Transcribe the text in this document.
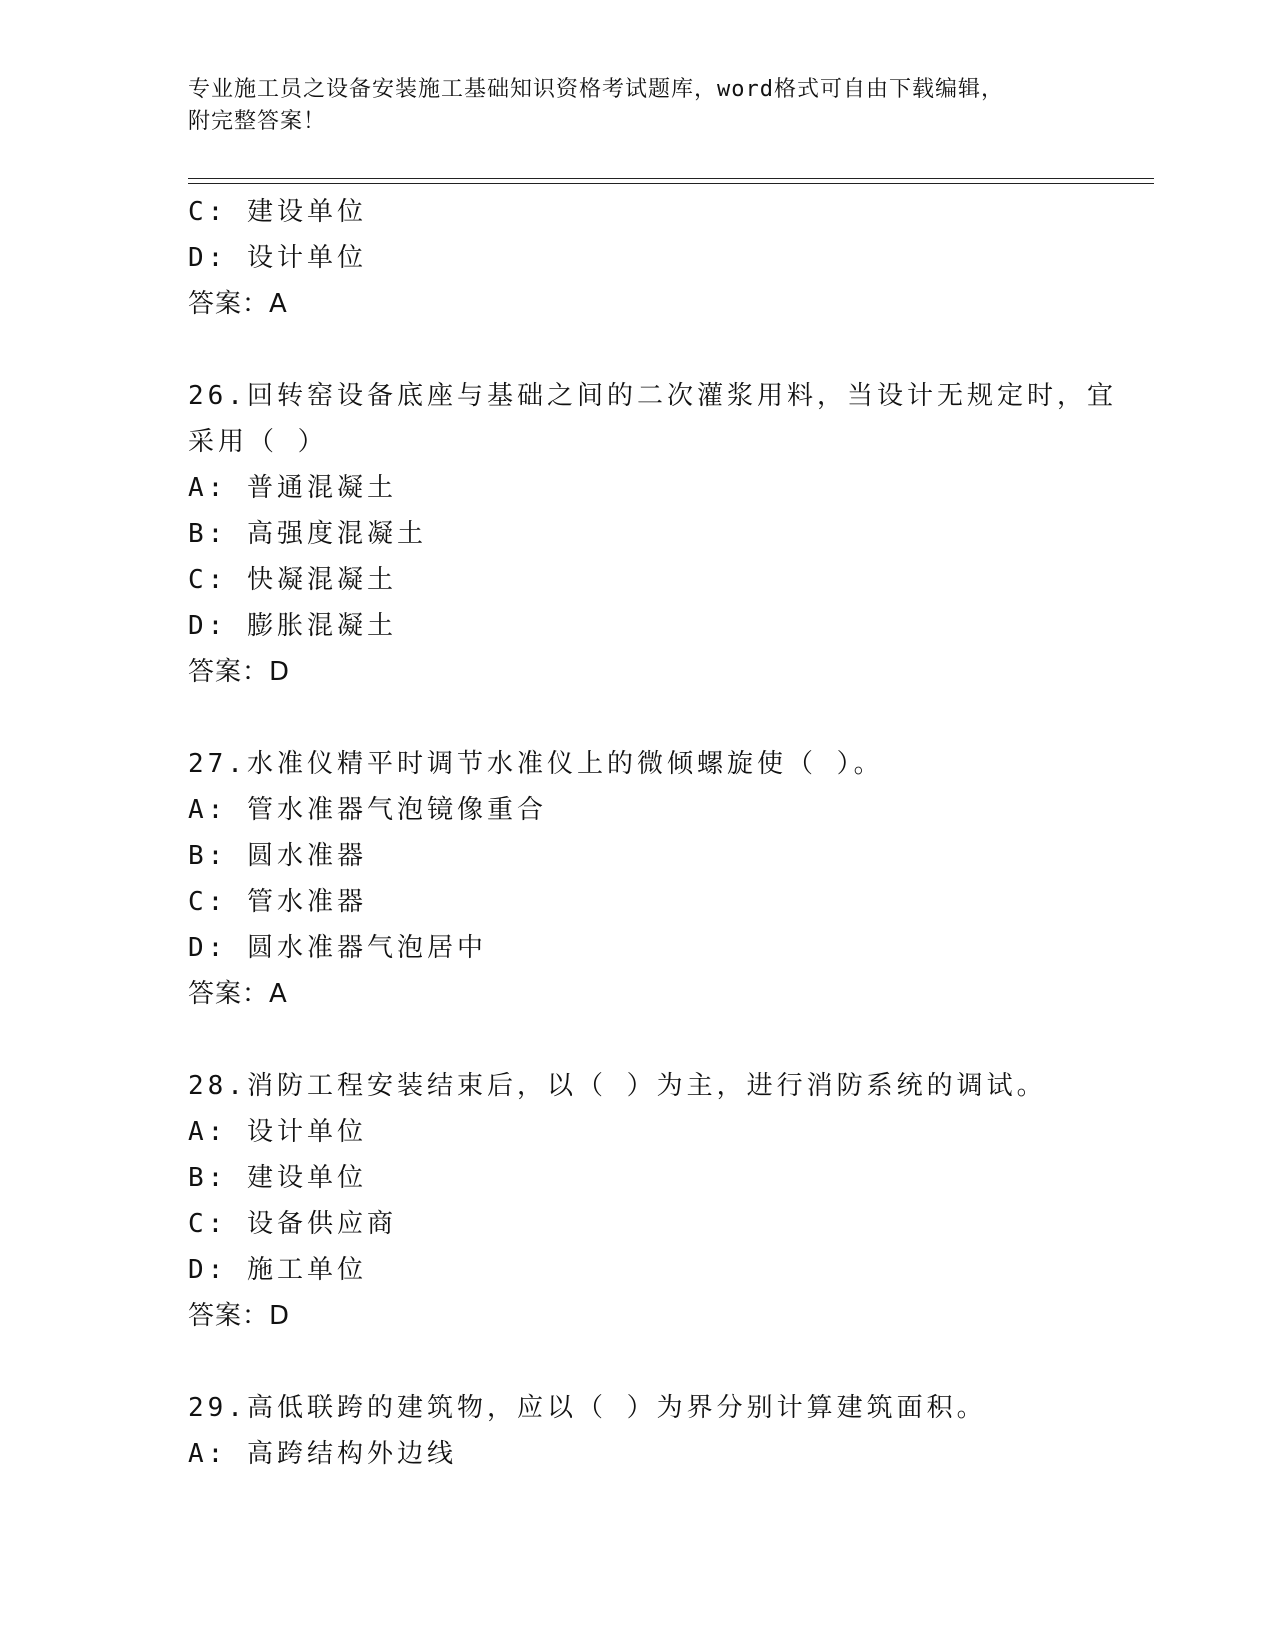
专业施工员之设备安装施工基础知识资格考试题库，word格式可自由下载编辑，
附完整答案！
C: 建设单位
D: 设计单位
答案：A
26.回转窑设备底座与基础之间的二次灌浆用料，当设计无规定时，宜
采用（ ）
A: 普通混凝土
B: 高强度混凝土
C: 快凝混凝土
D: 膨胀混凝土
答案：D
27.水准仪精平时调节水准仪上的微倾螺旋使（ ）。
A: 管水准器气泡镜像重合
B: 圆水准器
C: 管水准器
D: 圆水准器气泡居中
答案：A
28.消防工程安装结束后，以（ ）为主，进行消防系统的调试。
A: 设计单位
B: 建设单位
C: 设备供应商
D: 施工单位
答案：D
29.高低联跨的建筑物，应以（ ）为界分别计算建筑面积。
A: 高跨结构外边线
